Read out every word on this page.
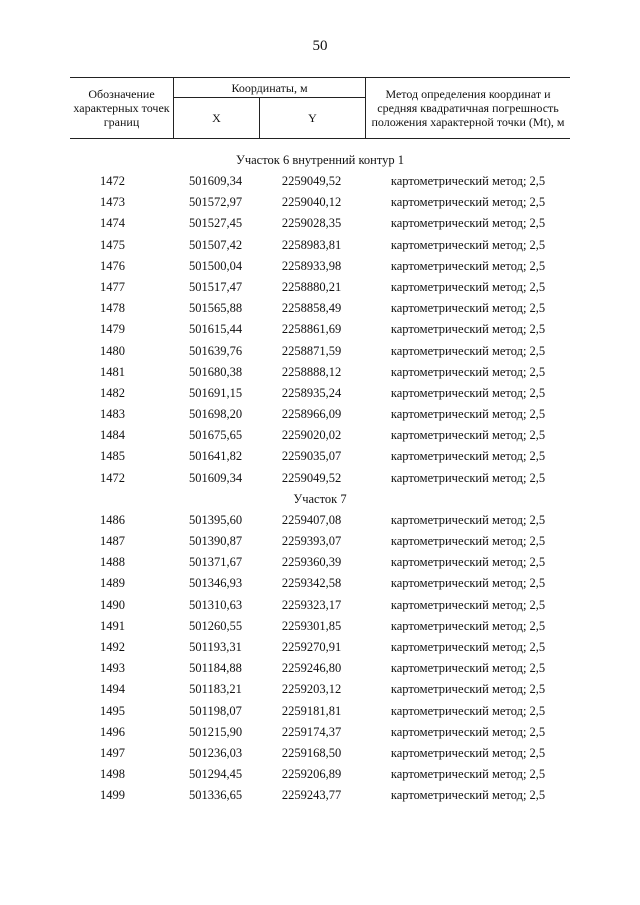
50
Обозначение характерных точек границ
Координаты, м
X	Y
Метод определения координат и средняя квадратичная погрешность положения характерной точки (Mt), м
Участок 6 внутренний контур 1
1472	501609,34	2259049,52	картометрический метод; 2,5
1473	501572,97	2259040,12	картометрический метод; 2,5
1474	501527,45	2259028,35	картометрический метод; 2,5
1475	501507,42	2258983,81	картометрический метод; 2,5
1476	501500,04	2258933,98	картометрический метод; 2,5
1477	501517,47	2258880,21	картометрический метод; 2,5
1478	501565,88	2258858,49	картометрический метод; 2,5
1479	501615,44	2258861,69	картометрический метод; 2,5
1480	501639,76	2258871,59	картометрический метод; 2,5
1481	501680,38	2258888,12	картометрический метод; 2,5
1482	501691,15	2258935,24	картометрический метод; 2,5
1483	501698,20	2258966,09	картометрический метод; 2,5
1484	501675,65	2259020,02	картометрический метод; 2,5
1485	501641,82	2259035,07	картометрический метод; 2,5
1472	501609,34	2259049,52	картометрический метод; 2,5
Участок 7
1486	501395,60	2259407,08	картометрический метод; 2,5
1487	501390,87	2259393,07	картометрический метод; 2,5
1488	501371,67	2259360,39	картометрический метод; 2,5
1489	501346,93	2259342,58	картометрический метод; 2,5
1490	501310,63	2259323,17	картометрический метод; 2,5
1491	501260,55	2259301,85	картометрический метод; 2,5
1492	501193,31	2259270,91	картометрический метод; 2,5
1493	501184,88	2259246,80	картометрический метод; 2,5
1494	501183,21	2259203,12	картометрический метод; 2,5
1495	501198,07	2259181,81	картометрический метод; 2,5
1496	501215,90	2259174,37	картометрический метод; 2,5
1497	501236,03	2259168,50	картометрический метод; 2,5
1498	501294,45	2259206,89	картометрический метод; 2,5
1499	501336,65	2259243,77	картометрический метод; 2,5
